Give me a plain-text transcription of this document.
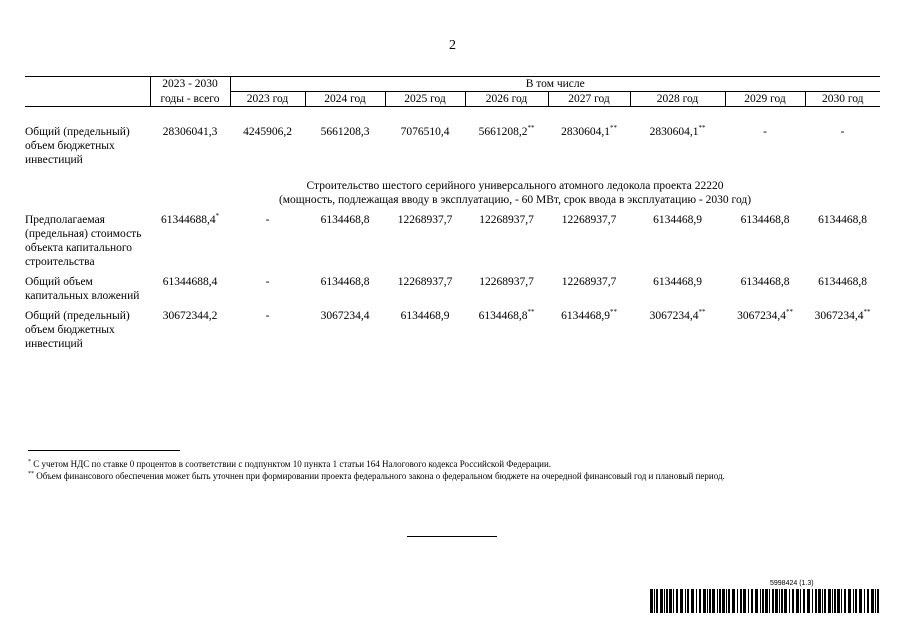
2
	2023 - 2030	В том числе							
	годы - всего	2023 год	2024 год	2025 год	2026 год	2027 год	2028 год	2029 год	2030 год

Общий (предельный) объем бюджетных инвестиций	28306041,3	4245906,2	5661208,3	7076510,4	5661208,2**	2830604,1**	2830604,1**	-	-

	Строительство шестого серийного универсального атомного ледокола проекта 22220
(мощность, подлежащая вводу в эксплуатацию, - 60 МВт, срок ввода в эксплуатацию - 2030 год)								

Предполагаемая (предельная) стоимость объекта капитального строительства	61344688,4*	-	6134468,8	12268937,7	12268937,7	12268937,7	6134468,9	6134468,8	6134468,8
Общий объем капитальных вложений	61344688,4	-	6134468,8	12268937,7	12268937,7	12268937,7	6134468,9	6134468,8	6134468,8
Общий (предельный) объем бюджетных инвестиций	30672344,2	-	3067234,4	6134468,9	6134468,8**	6134468,9**	3067234,4**	3067234,4**	3067234,4**
* С учетом НДС по ставке 0 процентов в соответствии с подпунктом 10 пункта 1 статьи 164 Налогового кодекса Российской Федерации.
** Объем финансового обеспечения может быть уточнен при формировании проекта федерального закона о федеральном бюджете на очередной финансовый год и плановый период.
5998424 (1.3)
